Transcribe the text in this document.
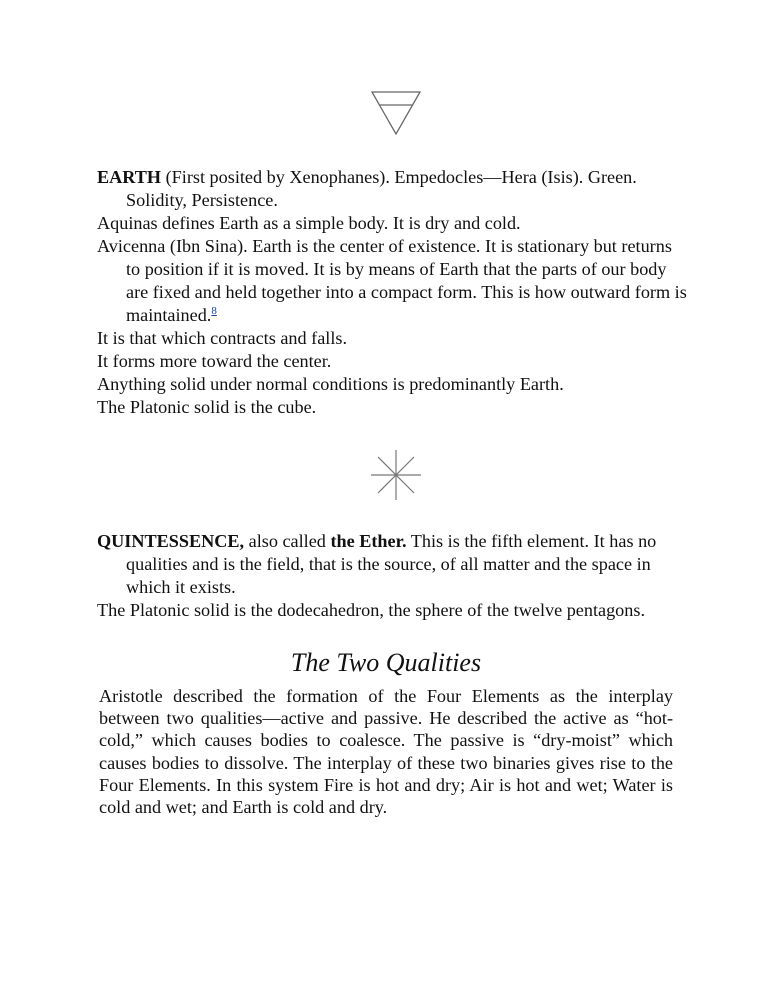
EARTH (First posited by Xenophanes). Empedocles—Hera (Isis). Green. Solidity, Persistence.

Aquinas defines Earth as a simple body. It is dry and cold.

Avicenna (Ibn Sina). Earth is the center of existence. It is stationary but returns to position if it is moved. It is by means of Earth that the parts of our body are fixed and held together into a compact form. This is how outward form is maintained.$^8$

It is that which contracts and falls.

It forms more toward the center.

Anything solid under normal conditions is predominantly Earth.

The Platonic solid is the cube.

QUINTESSENCE, also called the Ether. This is the fifth element. It has no qualities and is the field, that is the source, of all matter and the space in which it exists.

The Platonic solid is the dodecahedron, the sphere of the twelve pentagons.

The Two Qualities

Aristotle described the formation of the Four Elements as the interplay between two qualities—active and passive. He described the active as “hot-cold,” which causes bodies to coalesce. The passive is “dry-moist” which causes bodies to dissolve. The interplay of these two binaries gives rise to the Four Elements. In this system Fire is hot and dry; Air is hot and wet; Water is cold and wet; and Earth is cold and dry.
